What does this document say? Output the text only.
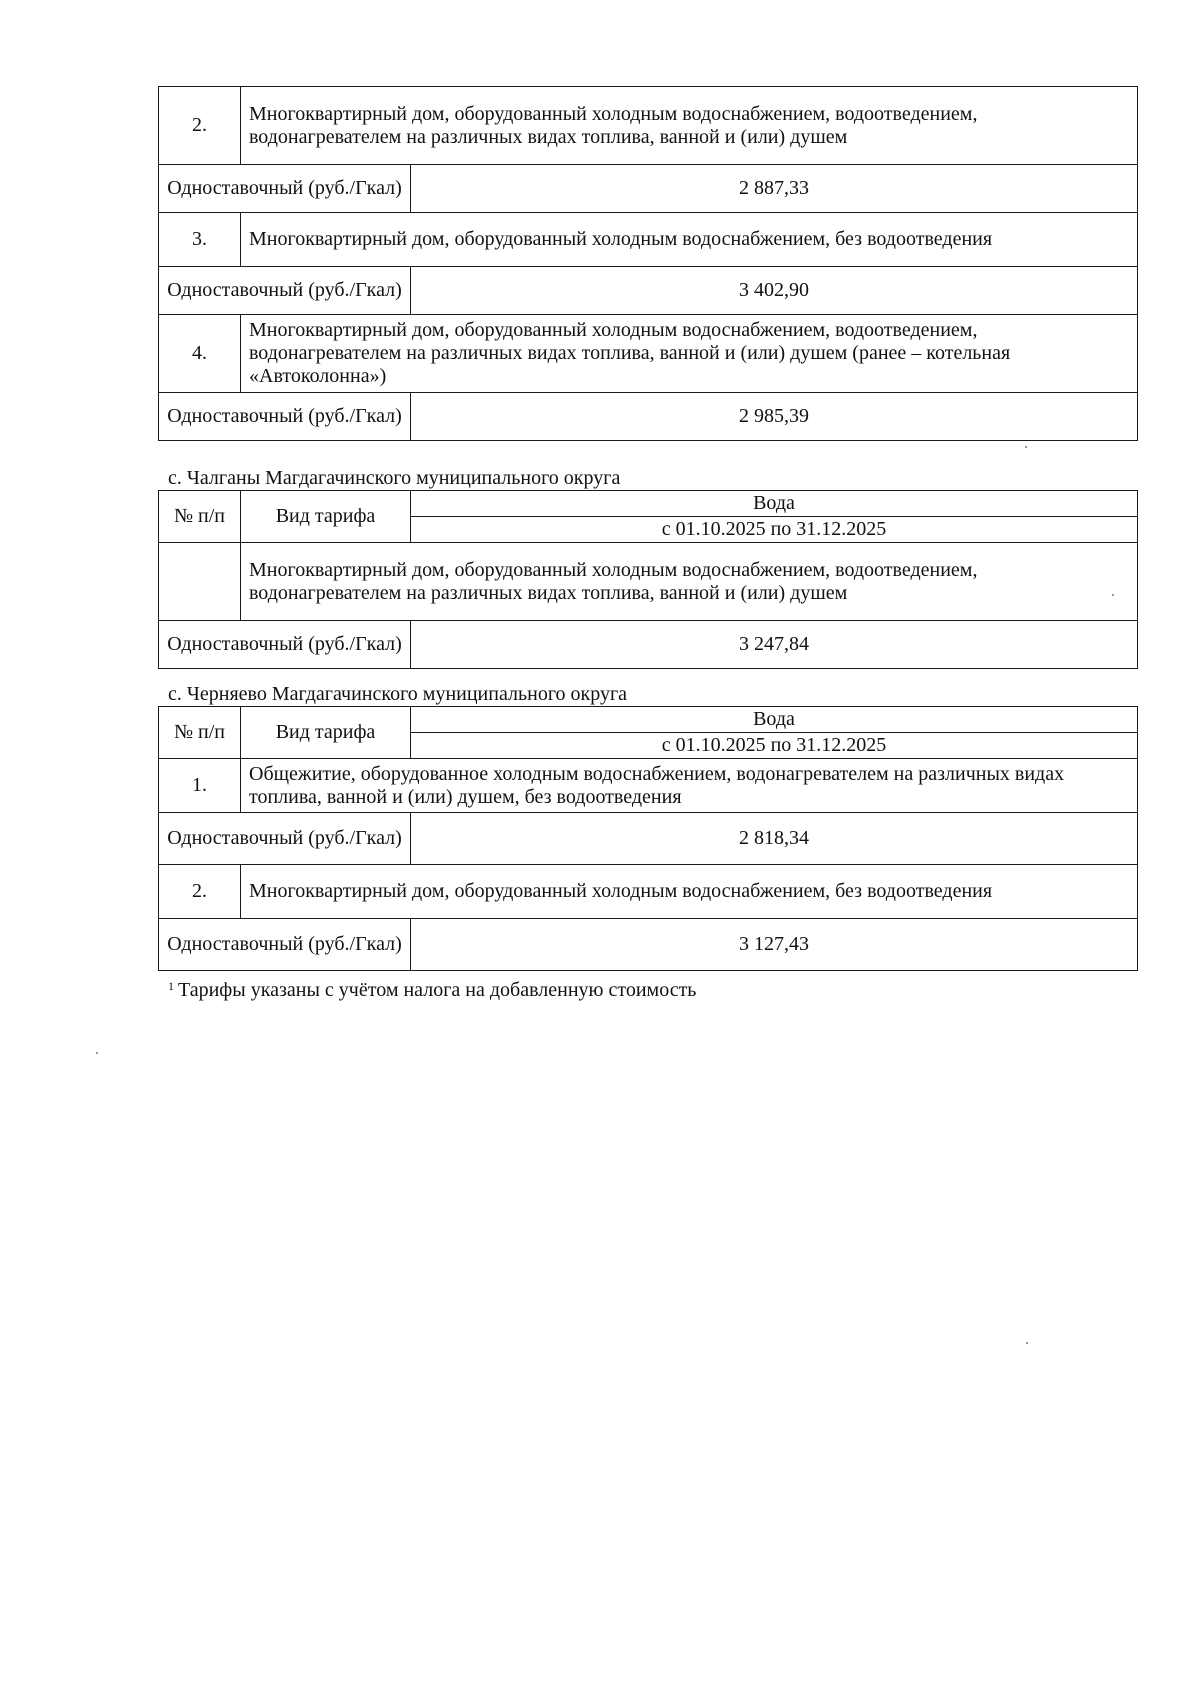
2.	Многоквартирный дом, оборудованный холодным водоснабжением, водоотведением, водонагревателем на различных видах топлива, ванной и (или) душем	
Одноставочный (руб./Гкал)		2 887,33
3.	Многоквартирный дом, оборудованный холодным водоснабжением, без водоотведения	
Одноставочный (руб./Гкал)		3 402,90
4.	Многоквартирный дом, оборудованный холодным водоснабжением, водоотведением, водонагревателем на различных видах топлива, ванной и (или) душем (ранее – котельная «Автоколонна»)	
Одноставочный (руб./Гкал)		2 985,39
с. Чалганы Магдагачинского муниципального округа
№ п/п	Вид тарифа	Вода
		с 01.10.2025 по 31.12.2025
	Многоквартирный дом, оборудованный холодным водоснабжением, водоотведением, водонагревателем на различных видах топлива, ванной и (или) душем	
Одноставочный (руб./Гкал)		3 247,84
с. Черняево Магдагачинского муниципального округа
№ п/п	Вид тарифа	Вода
		с 01.10.2025 по 31.12.2025
1.	Общежитие, оборудованное холодным водоснабжением, водонагревателем на различных видах топлива, ванной и (или) душем, без водоотведения	
Одноставочный (руб./Гкал)		2 818,34
2.	Многоквартирный дом, оборудованный холодным водоснабжением, без водоотведения	
Одноставочный (руб./Гкал)		3 127,43
$^1$ Тарифы указаны с учётом налога на добавленную стоимость
